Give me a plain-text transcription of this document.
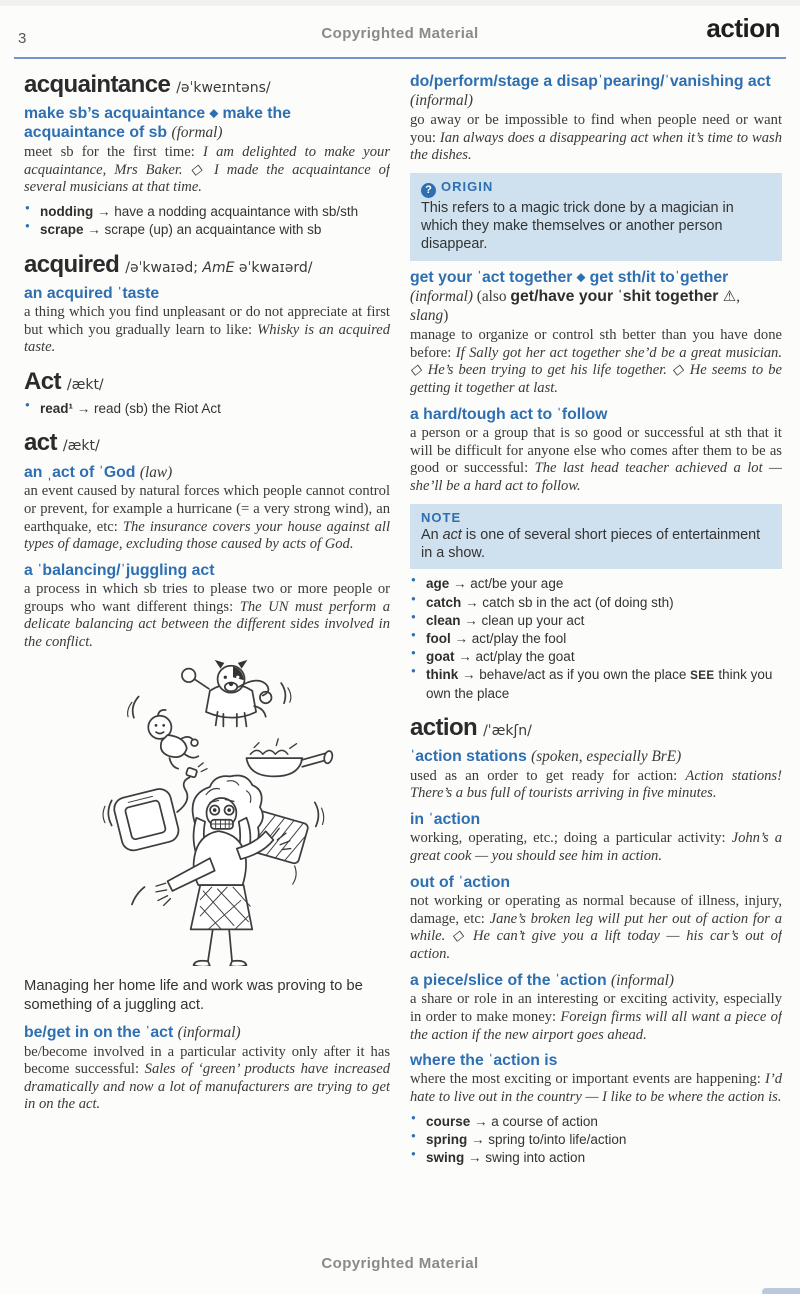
3	Copyrighted Material	action
acquaintance /əˈkweɪntəns/
make sb’s acquaintance ◆ make the acquaintance of sb (formal)

meet sb for the first time: I am delighted to make your acquaintance, Mrs Baker. ◇ I made the acquaintance of several musicians at that time.

● nodding → have a nodding acquaintance with sb/sth
● scrape → scrape (up) an acquaintance with sb
acquired /əˈkwaɪəd; AmE əˈkwaɪərd/
an acquired ˈtaste

a thing which you find unpleasant or do not appreciate at first but which you gradually learn to like: Whisky is an acquired taste.

Act /ækt/
● read¹ → read (sb) the Riot Act
act /ækt/
an ˌact of ˈGod (law)

an event caused by natural forces which people cannot control or prevent, for example a hurricane (= a very strong wind), an earthquake, etc: The insurance covers your house against all types of damage, excluding those caused by acts of God.

a ˈbalancing/ˈjuggling act

a process in which sb tries to please two or more people or groups who want different things: The UN must perform a delicate balancing act between the different sides involved in the conflict.

Managing her home life and work was proving to be something of a juggling act.
be/get in on the ˈact (informal)

be/become involved in a particular activity only after it has become successful: Sales of ‘green’ products have increased dramatically and now a lot of manufacturers are trying to get in on the act.

do/perform/stage a disapˈpearing/ˈvanishing act (informal)

go away or be impossible to find when people need or want you: Ian always does a disappearing act when it’s time to wash the dishes.

? ORIGIN
This refers to a magic trick done by a magician in which they make themselves or another person disappear.
get your ˈact together ◆ get sth/it toˈgether (informal) (also get/have your ˈshit together ⚠, slang)

manage to organize or control sth better than you have done before: If Sally got her act together she’d be a great musician. ◇ He’s been trying to get his life together. ◇ He seems to be getting it together at last.

a hard/tough act to ˈfollow

a person or a group that is so good or successful at sth that it will be difficult for anyone else who comes after them to be as good or successful: The last head teacher achieved a lot — she’ll be a hard act to follow.

NOTE
An act is one of several short pieces of entertainment in a show.
● age → act/be your age
● catch → catch sb in the act (of doing sth)
● clean → clean up your act
● fool → act/play the fool
● goat → act/play the goat
● think → behave/act as if you own the place SEE think you own the place
action /ˈækʃn/
ˈaction stations (spoken, especially BrE)

used as an order to get ready for action: Action stations! There’s a bus full of tourists arriving in five minutes.

in ˈaction

working, operating, etc.; doing a particular activity: John’s a great cook — you should see him in action.

out of ˈaction

not working or operating as normal because of illness, injury, damage, etc: Jane’s broken leg will put her out of action for a while. ◇ He can’t give you a lift today — his car’s out of action.

a piece/slice of the ˈaction (informal)

a share or role in an interesting or exciting activity, especially in order to make money: Foreign firms will all want a piece of the action if the new airport goes ahead.

where the ˈaction is

where the most exciting or important events are happening: I’d hate to live out in the country — I like to be where the action is.

● course → a course of action
● spring → spring to/into life/action
● swing → swing into action
Copyrighted Material
